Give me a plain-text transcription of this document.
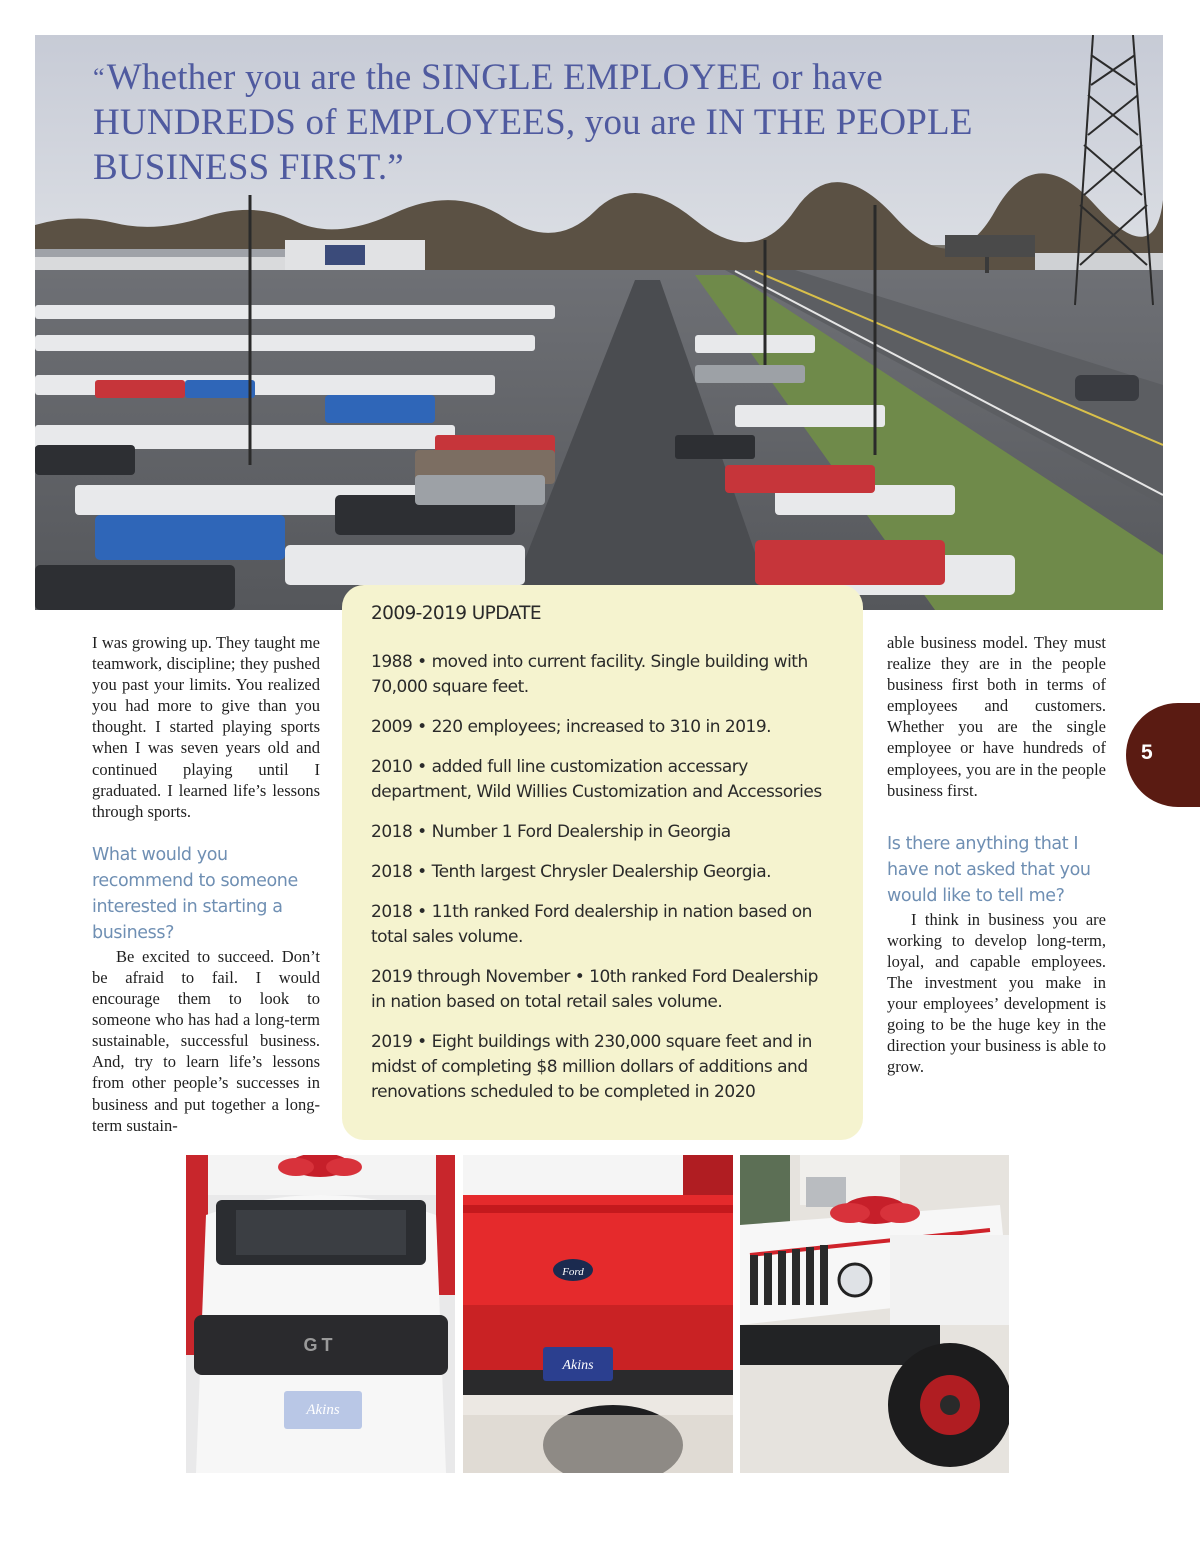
“Whether you are the SINGLE EMPLOYEE or have HUNDREDS of EMPLOYEES, you are IN THE PEOPLE BUSINESS FIRST.”

I was growing up. They taught me teamwork, discipline; they pushed you past your limits. You realized you had more to give than you thought. I started playing sports when I was seven years old and continued playing until I graduated. I learned life’s lessons through sports.

What would you recommend to someone interested in starting a business?

Be excited to succeed. Don’t be afraid to fail. I would encourage them to look to someone who has had a long-term sustainable, successful business. And, try to learn life’s lessons from other people’s successes in business and put together a long- term sustain-

2009-2019 UPDATE

1988 • moved into current facility. Single building with 70,000 square feet.

2009 • 220 employees; increased to 310 in 2019.

2010 • added full line customization accessary department, Wild Willies Customization and Accessories

2018 • Number 1 Ford Dealership in Georgia

2018 • Tenth largest Chrysler Dealership Georgia.

2018 • 11th ranked Ford dealership in nation based on total sales volume.

2019 through November • 10th ranked Ford Dealership in nation based on total retail sales volume.

2019 • Eight buildings with 230,000 square feet and in midst of completing $8 million dollars of additions and renovations scheduled to be completed in 2020

able business model. They must realize they are in the people business first both in terms of employees and customers. Whether you are the single employee or have hundreds of employees, you are in the people business first.

Is there anything that I have not asked that you would like to tell me?

I think in business you are working to develop long-term, loyal, and capable employees. The investment you make in your employees’ development is going to be the huge key in the direction your business is able to grow.

5
GT
Akins
Ford
Akins
